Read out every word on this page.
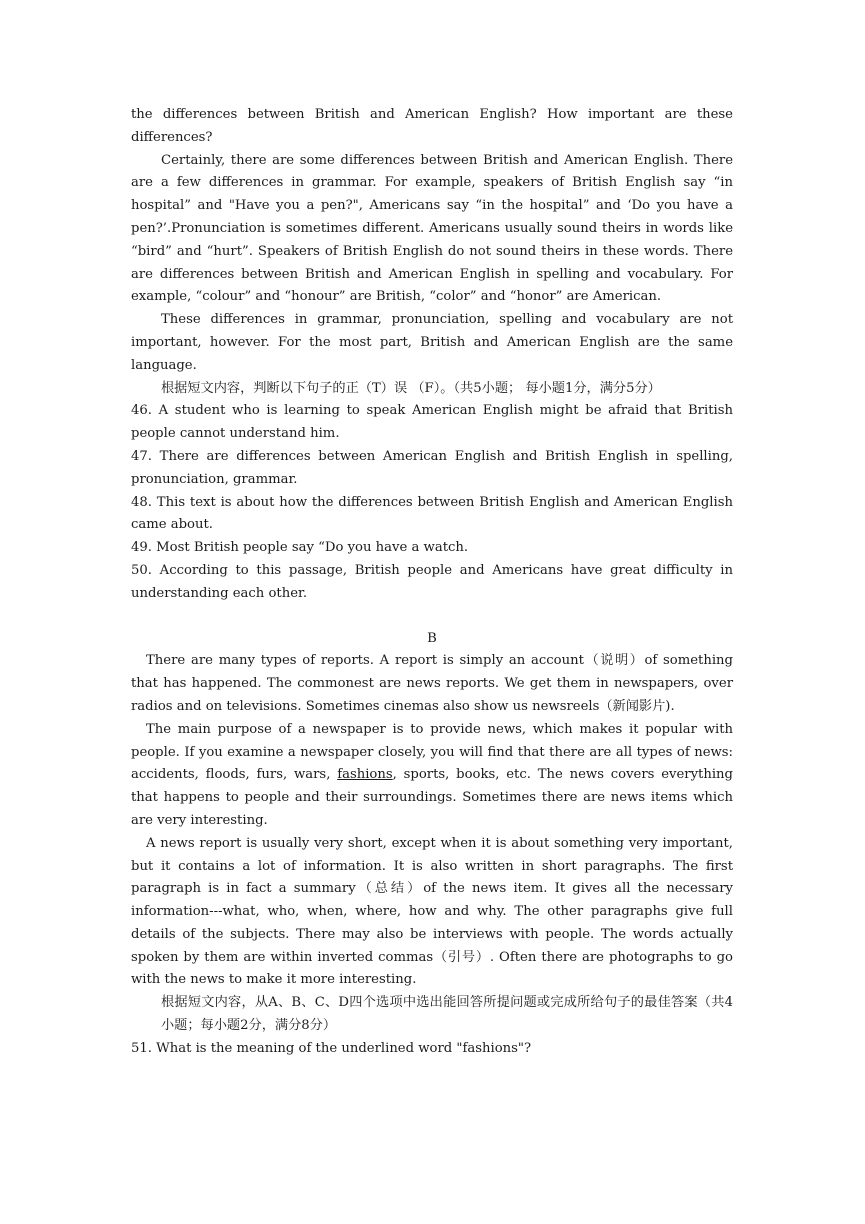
the differences between British and American English? How important are these differences?

Certainly, there are some differences between British and American English. There are a few differences in grammar. For example, speakers of British English say “in hospital” and "Have you a pen?", Americans say “in the hospital” and ‘Do you have a pen?’.Pronunciation is sometimes different. Americans usually sound theirs in words like “bird” and “hurt”. Speakers of British English do not sound theirs in these words. There are differences between British and American English in spelling and vocabulary. For example, “colour” and “honour” are British, “color” and “honor” are American.

These differences in grammar, pronunciation, spelling and vocabulary are not important, however. For the most part, British and American English are the same language.

根据短文内容，判断以下句子的正（T）误 （F）。（共5小题； 每小题1分，满分5分）

46. A student who is learning to speak American English might be afraid that British people cannot understand him.

47. There are differences between American English and British English in spelling, pronunciation, grammar.

48. This text is about how the differences between British English and American English came about.

49. Most British people say “Do you have a watch.

50. According to this passage, British people and Americans have great difficulty in understanding each other.

B

There are many types of reports. A report is simply an account（说明）of something that has happened. The commonest are news reports. We get them in newspapers, over radios and on televisions. Sometimes cinemas also show us newsreels（新闻影片).

The main purpose of a newspaper is to provide news, which makes it popular with people. If you examine a newspaper closely, you will find that there are all types of news: accidents, floods, furs, wars, fashions, sports, books, etc. The news covers everything that happens to people and their surroundings. Sometimes there are news items which are very interesting.

A news report is usually very short, except when it is about something very important, but it contains a lot of information. It is also written in short paragraphs. The first paragraph is in fact a summary（总结）of the news item. It gives all the necessary information---what, who, when, where, how and why. The other paragraphs give full details of the subjects. There may also be interviews with people. The words actually spoken by them are within inverted commas（引号）. Often there are photographs to go with the news to make it more interesting.

根据短文内容，从A、B、C、D四个选项中选出能回答所提问题或完成所给句子的最佳答案（共4小题；每小题2分，满分8分）

51. What is the meaning of the underlined word "fashions"?
